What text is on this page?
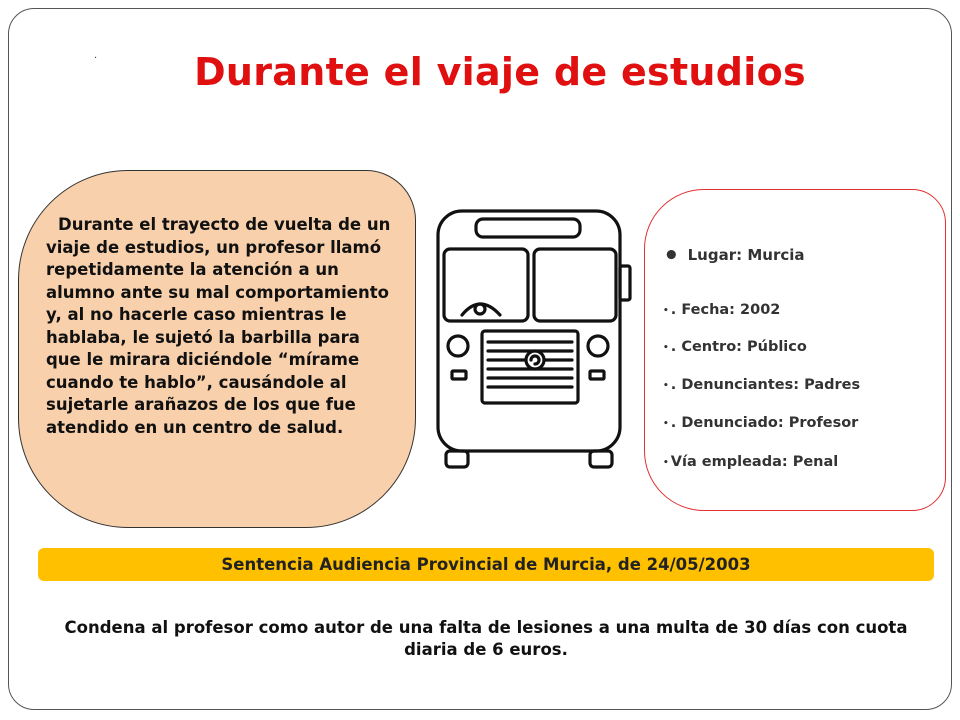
.	Durante el viaje de estudios

Durante el trayecto de vuelta de un viaje de estudios, un profesor llamó repetidamente la atención a un alumno ante su mal comportamiento y, al no hacerle caso mientras le hablaba, le sujetó la barbilla para que le mirara diciéndole “mírame cuando te hablo”, causándole al sujetarle arañazos de los que fue atendido en un centro de salud.

• Lugar: Murcia
• . Fecha: 2002
• . Centro: Público
• . Denunciantes: Padres
• . Denunciado: Profesor
• Vía empleada: Penal
Sentencia Audiencia Provincial de Murcia, de 24/05/2003

Condena al profesor como autor de una falta de lesiones a una multa de 30 días con cuota diaria de 6 euros.
